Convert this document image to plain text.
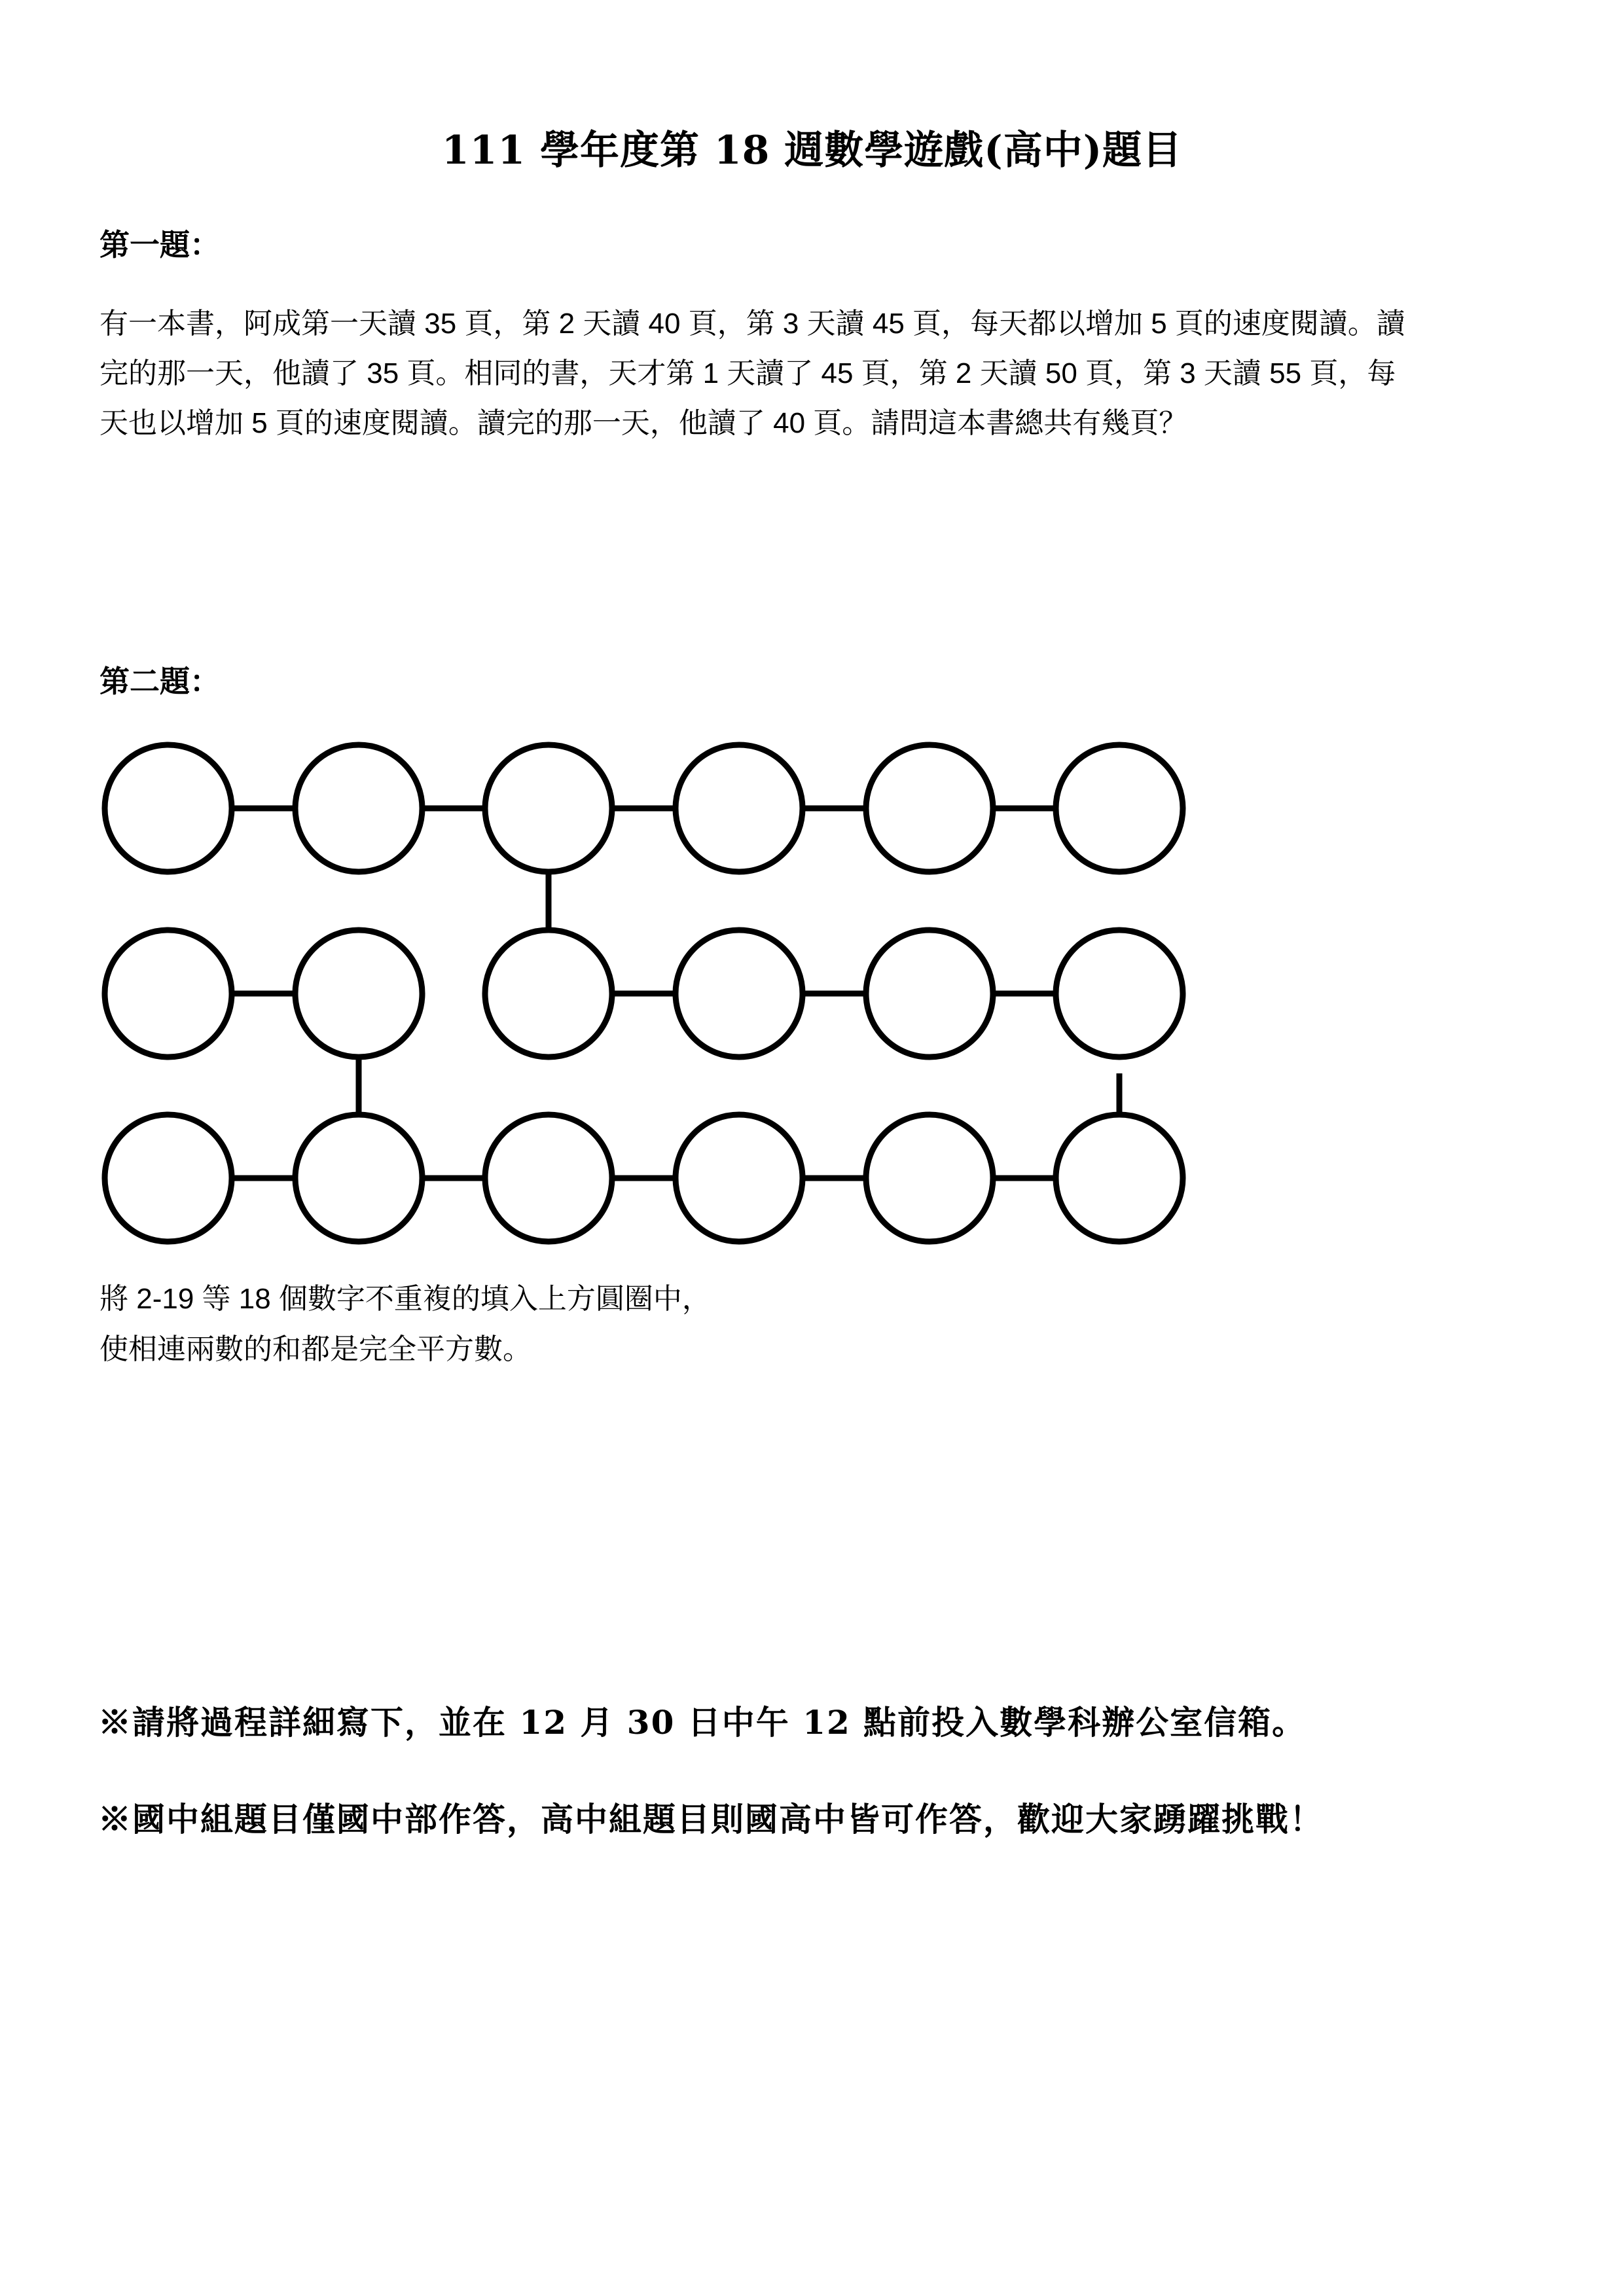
111 學年度第 18 週數學遊戲(高中)題目
第一題：
有一本書，阿成第一天讀 35 頁，第 2 天讀 40 頁，第 3 天讀 45 頁，每天都以增加 5 頁的速度閱讀。讀
完的那一天，他讀了 35 頁。相同的書，天才第 1 天讀了 45 頁，第 2 天讀 50 頁，第 3 天讀 55 頁，每
天也以增加 5 頁的速度閱讀。讀完的那一天，他讀了 40 頁。請問這本書總共有幾頁？
第二題：
將 2-19 等 18 個數字不重複的填入上方圓圈中，
使相連兩數的和都是完全平方數。
※請將過程詳細寫下，並在 12 月 30 日中午 12 點前投入數學科辦公室信箱。
※國中組題目僅國中部作答，高中組題目則國高中皆可作答，歡迎大家踴躍挑戰！
